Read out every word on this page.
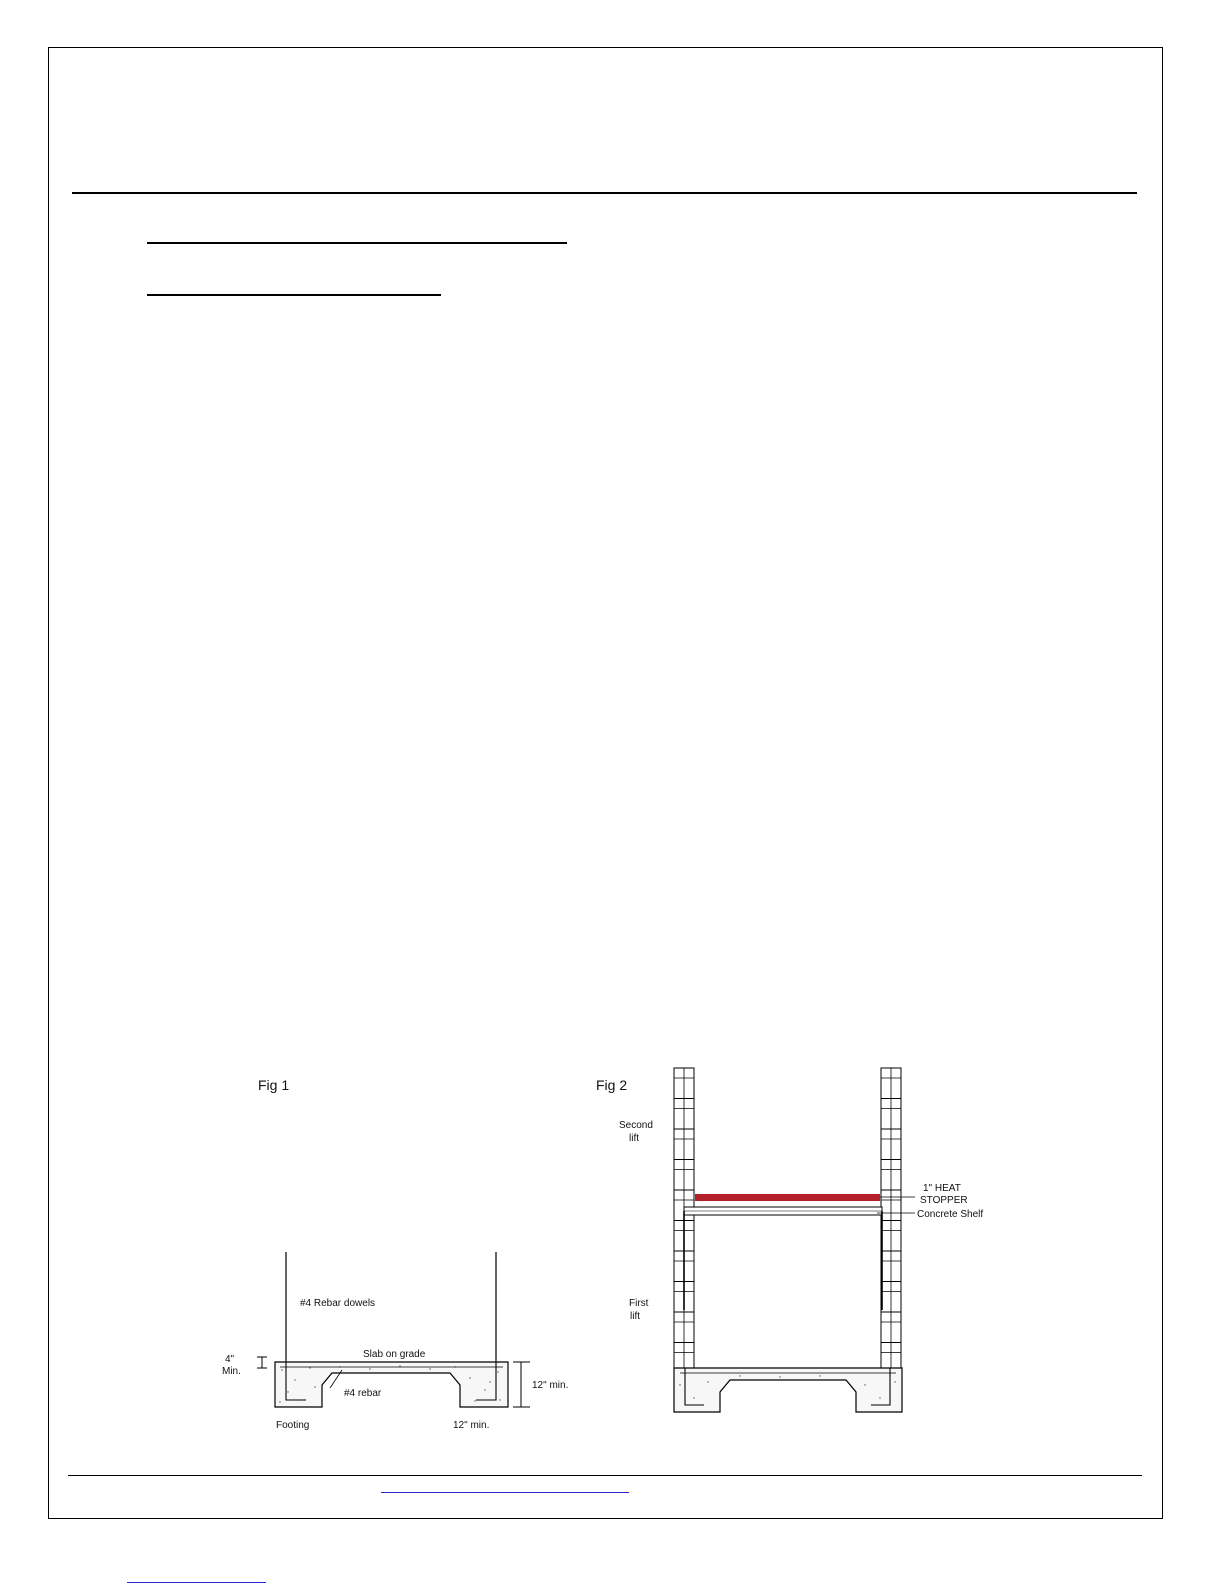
Fig 1
#4 Rebar dowels
Slab on grade
4"
Min.
#4 rebar
12" min.
Footing	12" min.
Fig 2
Second
lift
First
lift
1" HEAT
STOPPER
Concrete Shelf
